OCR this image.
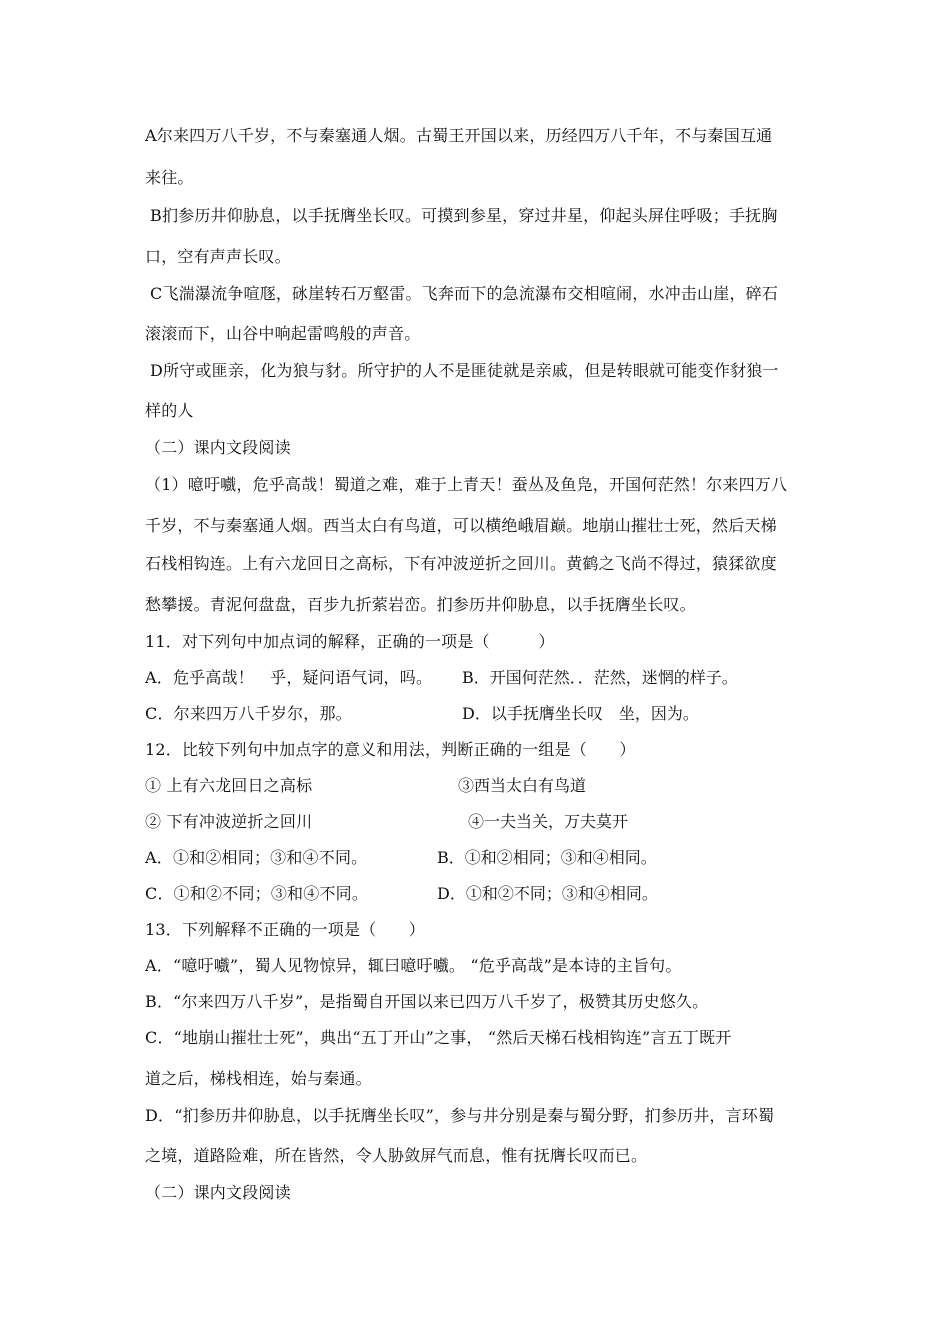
A尔来四万八千岁，不与秦塞通人烟。古蜀王开国以来，历经四万八千年，不与秦国互通
来往。
B扪参历井仰胁息，以手抚膺坐长叹。可摸到参星，穿过井星，仰起头屏住呼吸；手抚胸
口，空有声声长叹。
C飞湍瀑流争喧豗，砯崖转石万壑雷。飞奔而下的急流瀑布交相喧闹，水冲击山崖，碎石
滚滚而下，山谷中响起雷鸣般的声音。
D所守或匪亲，化为狼与豺。所守护的人不是匪徒就是亲戚，但是转眼就可能变作豺狼一
样的人
（二）课内文段阅读
（1）噫吁嚱，危乎高哉！蜀道之难，难于上青天！蚕丛及鱼凫，开国何茫然！尔来四万八
千岁，不与秦塞通人烟。西当太白有鸟道，可以横绝峨眉巅。地崩山摧壮士死，然后天梯
石栈相钩连。上有六龙回日之高标，下有冲波逆折之回川。黄鹤之飞尚不得过，猿猱欲度
愁攀援。青泥何盘盘，百步九折萦岩峦。扪参历井仰胁息，以手抚膺坐长叹。
11．对下列句中加点词的解释，正确的一项是（　　　）
A．危乎高哉！　乎，疑问语气词，吗。 B．开国何茫然．．茫然，迷惘的样子。
C．尔来四万八千岁尔，那。	D．以手抚膺坐长叹　坐，因为。
12．比较下列句中加点字的意义和用法，判断正确的一组是（　　）
① 上有六龙回日之高标	③西当太白有鸟道
② 下有冲波逆折之回川	④一夫当关，万夫莫开
A．①和②相同；③和④不同。	B．①和②相同；③和④相同。
C．①和②不同；③和④不同。	D．①和②不同；③和④相同。
13．下列解释不正确的一项是（　　）
A．“噫吁嚱”，蜀人见物惊异，辄曰噫吁嚱。 “危乎高哉”是本诗的主旨句。
B．“尔来四万八千岁”，是指蜀自开国以来已四万八千岁了，极赞其历史悠久。
C．“地崩山摧壮士死”，典出“五丁开山”之事， “然后天梯石栈相钩连”言五丁既开
道之后，梯栈相连，始与秦通。
D．“扪参历井仰胁息，以手抚膺坐长叹”，参与井分别是秦与蜀分野，扪参历井，言环蜀
之境，道路险难，所在皆然，令人胁敛屏气而息，惟有抚膺长叹而已。
（二）课内文段阅读
